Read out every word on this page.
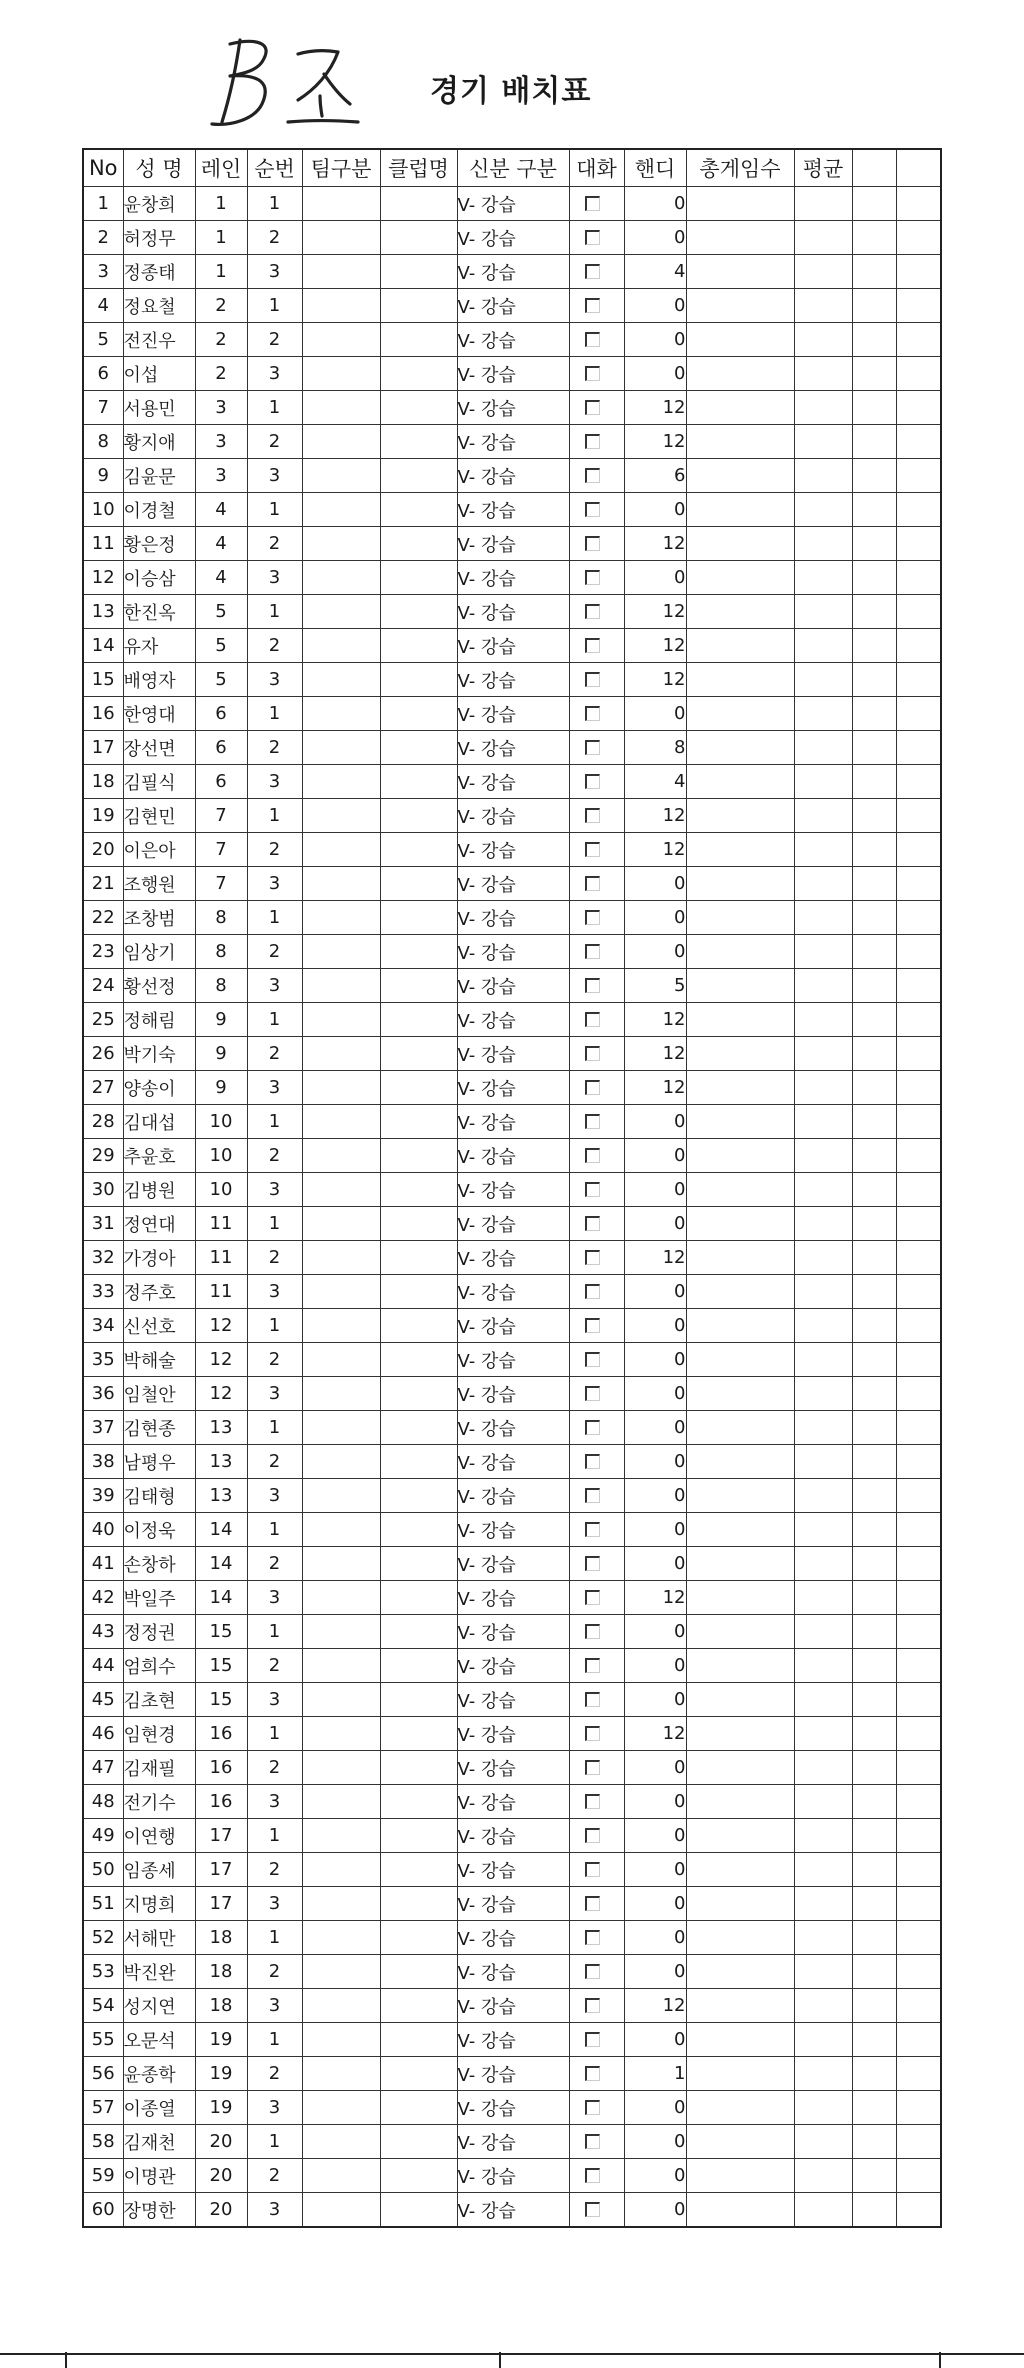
경기 배치표
No	성 명	레인	순번	팀구분	클럽명	신분 구분	대화	핸디	총게임수	평균		
1	윤창희	1	1			V- 강습		0				
2	허정무	1	2			V- 강습		0				
3	정종태	1	3			V- 강습		4				
4	정요철	2	1			V- 강습		0				
5	전진우	2	2			V- 강습		0				
6	이섭	2	3			V- 강습		0				
7	서용민	3	1			V- 강습		12				
8	황지애	3	2			V- 강습		12				
9	김윤문	3	3			V- 강습		6				
10	이경철	4	1			V- 강습		0				
11	황은정	4	2			V- 강습		12				
12	이승삼	4	3			V- 강습		0				
13	한진옥	5	1			V- 강습		12				
14	유자	5	2			V- 강습		12				
15	배영자	5	3			V- 강습		12				
16	한영대	6	1			V- 강습		0				
17	장선면	6	2			V- 강습		8				
18	김필식	6	3			V- 강습		4				
19	김현민	7	1			V- 강습		12				
20	이은아	7	2			V- 강습		12				
21	조행원	7	3			V- 강습		0				
22	조창범	8	1			V- 강습		0				
23	임상기	8	2			V- 강습		0				
24	황선정	8	3			V- 강습		5				
25	정해림	9	1			V- 강습		12				
26	박기숙	9	2			V- 강습		12				
27	양송이	9	3			V- 강습		12				
28	김대섭	10	1			V- 강습		0				
29	추윤호	10	2			V- 강습		0				
30	김병원	10	3			V- 강습		0				
31	정연대	11	1			V- 강습		0				
32	가경아	11	2			V- 강습		12				
33	정주호	11	3			V- 강습		0				
34	신선호	12	1			V- 강습		0				
35	박해술	12	2			V- 강습		0				
36	임철안	12	3			V- 강습		0				
37	김현종	13	1			V- 강습		0				
38	남평우	13	2			V- 강습		0				
39	김태형	13	3			V- 강습		0				
40	이정욱	14	1			V- 강습		0				
41	손창하	14	2			V- 강습		0				
42	박일주	14	3			V- 강습		12				
43	정정권	15	1			V- 강습		0				
44	엄희수	15	2			V- 강습		0				
45	김초현	15	3			V- 강습		0				
46	임현경	16	1			V- 강습		12				
47	김재필	16	2			V- 강습		0				
48	전기수	16	3			V- 강습		0				
49	이연행	17	1			V- 강습		0				
50	임종세	17	2			V- 강습		0				
51	지명희	17	3			V- 강습		0				
52	서해만	18	1			V- 강습		0				
53	박진완	18	2			V- 강습		0				
54	성지연	18	3			V- 강습		12				
55	오문석	19	1			V- 강습		0				
56	윤종학	19	2			V- 강습		1				
57	이종열	19	3			V- 강습		0				
58	김재천	20	1			V- 강습		0				
59	이명관	20	2			V- 강습		0				
60	장명한	20	3			V- 강습		0				
